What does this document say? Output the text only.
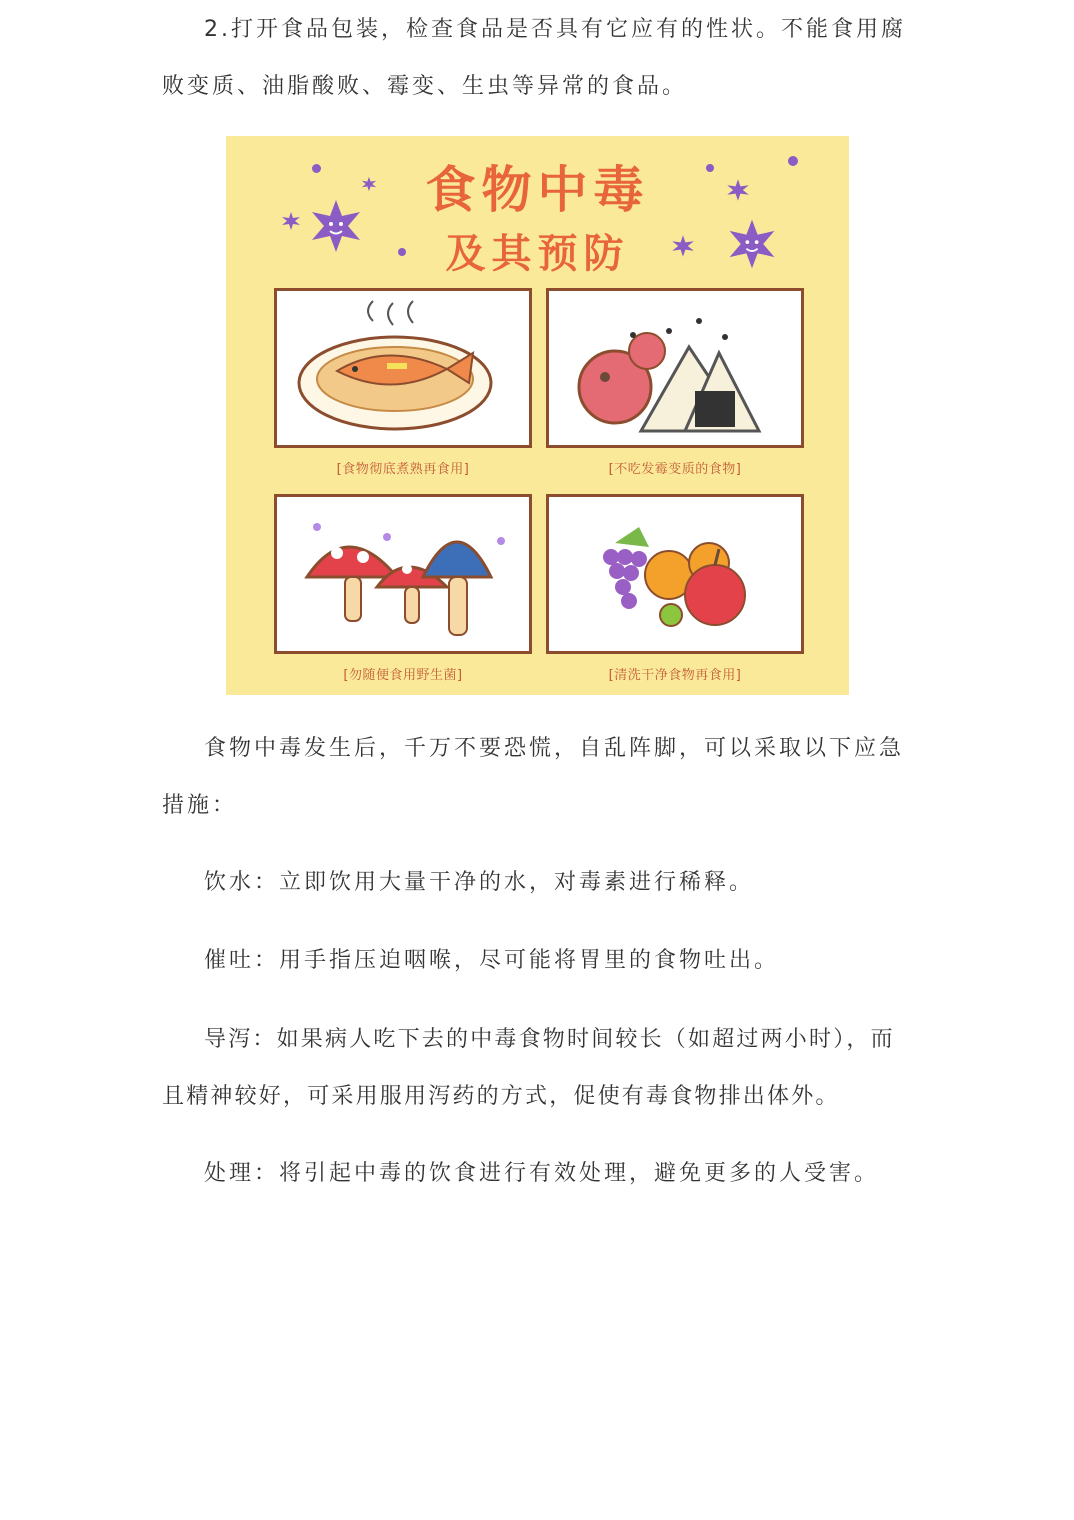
2.打开食品包装，检查食品是否具有它应有的性状。不能食用腐败变质、油脂酸败、霉变、生虫等异常的食品。

食物中毒
及其预防
[食物彻底煮熟再食用]	[不吃发霉变质的食物]
[勿随便食用野生菌]	[清洗干净食物再食用]

食物中毒发生后，千万不要恐慌，自乱阵脚，可以采取以下应急措施：

饮水：立即饮用大量干净的水，对毒素进行稀释。

催吐：用手指压迫咽喉，尽可能将胃里的食物吐出。

导泻：如果病人吃下去的中毒食物时间较长（如超过两小时），而且精神较好，可采用服用泻药的方式，促使有毒食物排出体外。

处理：将引起中毒的饮食进行有效处理，避免更多的人受害。
